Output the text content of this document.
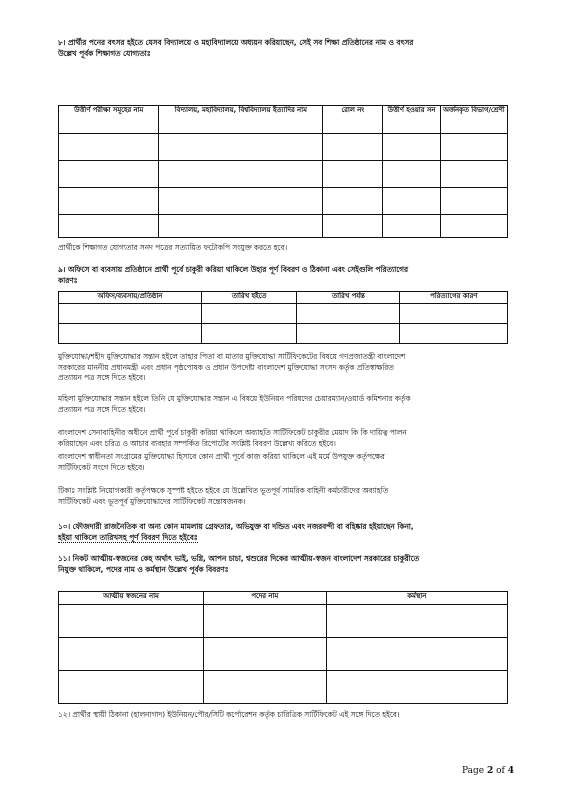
৮। প্রার্থীর পনের বৎসর হইতে যেসব বিদ্যালয়ে ও মহাবিদ্যালয়ে অধ্যয়ন করিয়াছেন, সেই সব শিক্ষা প্রতিষ্ঠানের নাম ও বৎসর
উল্লেখ পূর্বক শিক্ষাগত যোগ্যতাঃ
উত্তীর্ণ পরীক্ষা সমূহের নাম	বিদ্যালয়, মহাবিদ্যালয়, বিশ্ববিদ্যালয় ইত্যাদির নাম	রোল নং	উত্তীর্ণ হওয়ার সন	অর্জনকৃত বিভাগ/শ্রেণী

প্রার্থীকে শিক্ষাগত যোগ্যতার সনদ পত্রের সত্যায়িত ফটোকপি সংযুক্ত করতে হবে।
৯। অফিসে বা ব্যবসায় প্রতিষ্ঠানে প্রার্থী পূর্বে চাকুরী করিয়া থাকিলে উহার পূর্ণ বিবরণ ও ঠিকানা এবং সেইগুলি পরিত্যাগের
কারণঃ
অফিস/ব্যবসায়/প্রতিষ্ঠান	তারিখ হইতে	তারিখ পর্যন্ত	পরিত্যাগের কারণ

মুক্তিযোদ্ধা/শহীদ মুক্তিযোদ্ধার সন্তান হইলে তাহার পিতা বা মাতার মুক্তিযোদ্ধা সার্টিফিকেটের বিষয়ে গণপ্রজাতন্ত্রী বাংলাদেশ
সরকারের মাননীয় প্রধানমন্ত্রী এবং প্রধান পৃষ্ঠপোষক ও প্রধান উপদেষ্টা বাংলাদেশ মুক্তিযোদ্ধা সংসদ কর্তৃক প্রতিস্বাক্ষরিত
প্রত্যায়ন পত্র সঙ্গে দিতে হইবে।
মহিলা মুক্তিযোদ্ধার সন্তান হইলে তিনি যে মুক্তিযোদ্ধার সন্তান এ বিষয়ে ইউনিয়ন পরিষদের চেয়ারম্যান/ওয়ার্ড কমিশনার কর্তৃক
প্রত্যায়ন পত্র সঙ্গে দিতে হইবে।
বাংলাদেশ সেনাবাহিনীর অধীনে প্রার্থী পূর্বে চাকুরী করিয়া থাকিলে অব্যাহতি সার্টিফিকেট চাকুরীর মেয়াদ কি কি দায়িত্ব পালন
করিয়াছেন এবং চরিত্র ও আচার ব্যবহার সম্পর্কিত রিপোর্টের সংশ্লিষ্ট বিবরণ উল্লেখ্য করিতে হইবে।
বাংলাদেশ স্বাধীনতা সংগ্রামের মুক্তিযোদ্ধা হিসাবে কোন প্রার্থী পূর্বে কাজ করিয়া থাকিলে এই মর্মে উপযুক্ত কর্তৃপক্ষের
সার্টিফিকেট সংগে দিতে হইবে।
টিকাঃ সংশ্লিষ্ট নিয়োগকারী কর্তৃপক্ষকে সুস্পষ্ট হইতে হইবে যে উল্লেখিত ভূতপূর্ব সামরিক বাহিনী কর্মচারীদের অব্যাহতি
সার্টিফিকেট এবং ভূতপূর্ব মুক্তিযোদ্ধাদের সার্টিফিকেট সন্তোষজনক।
১০। ফৌজদারী রাজনৈতিক বা অন্য কোন মামলায় গ্রেফতার, অভিযুক্ত বা দন্ডিত এবং নজরবন্দী বা বহিষ্কার হইয়াছেন কিনা,
হইয়া থাকিলে তারিখসহ পূর্ণ বিবরণ দিতে হইবেঃ
১১। নিকট আত্মীয়-স্বজনের কেহ অর্থাৎ ভাই, ভগ্নি, আপন চাচা, শ্বশুরের দিকের আত্মীয়-স্বজন বাংলাদেশ সরকারের চাকুরীতে
নিযুক্ত থাকিলে, পদের নাম ও কর্মস্থান উল্লেখ পূর্বক বিবরণঃ
আত্মীয় স্বজনের নাম	পদের নাম	কর্মস্থান

১২। প্রার্থীর স্থায়ী ঠিকানা (হালনাগাদ) ইউনিয়ন/পৌর/সিটি কর্পোরেশন কর্তৃক চারিত্রিক সার্টিফিকেট এই সঙ্গে দিতে হইবে।
Page 2 of 4
